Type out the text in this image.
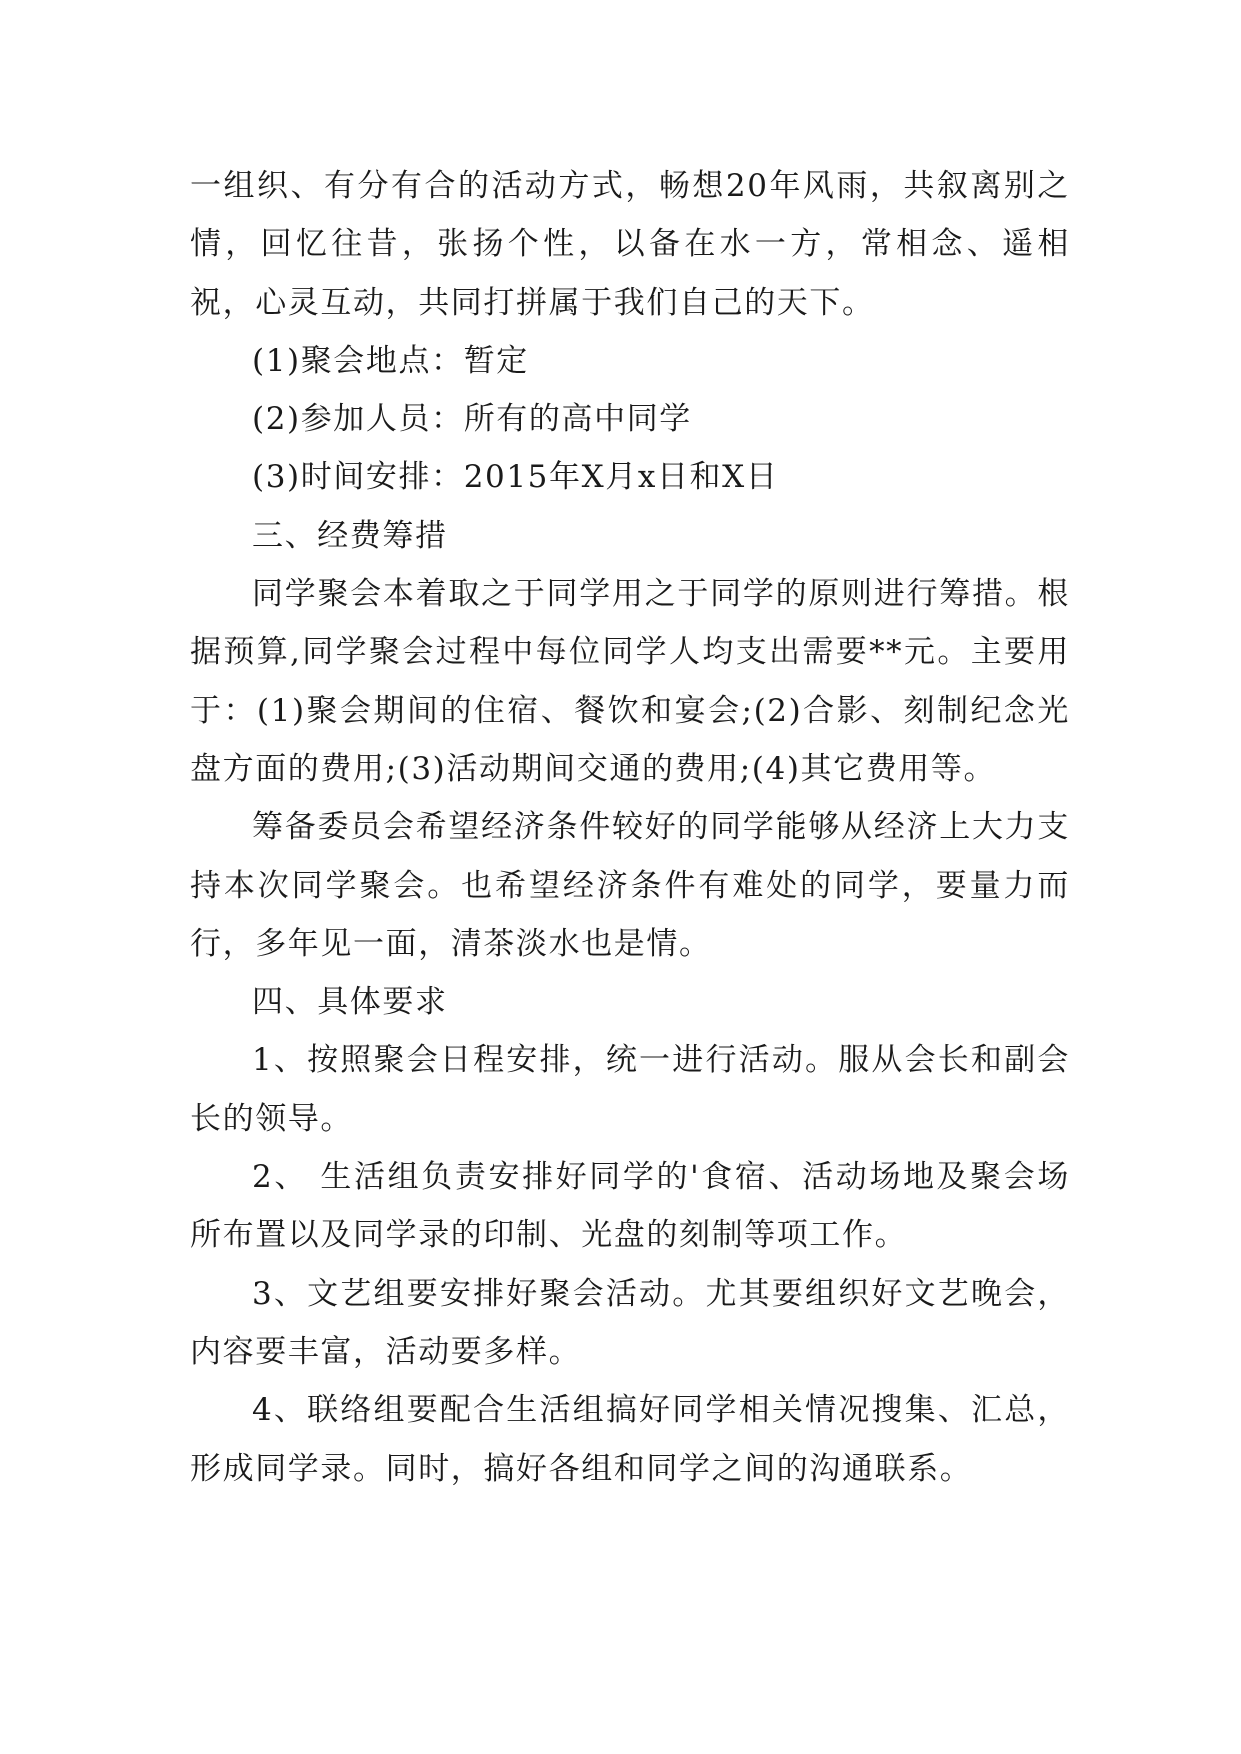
一组织、有分有合的活动方式，畅想20年风雨，共叙离别之情，回忆往昔，张扬个性，以备在水一方，常相念、遥相祝，心灵互动，共同打拼属于我们自己的天下。

(1)聚会地点：暂定

(2)参加人员：所有的高中同学

(3)时间安排：2015年X月x日和X日

三、经费筹措

同学聚会本着取之于同学用之于同学的原则进行筹措。根据预算,同学聚会过程中每位同学人均支出需要**元。主要用于：(1)聚会期间的住宿、餐饮和宴会;(2)合影、刻制纪念光盘方面的费用;(3)活动期间交通的费用;(4)其它费用等。

筹备委员会希望经济条件较好的同学能够从经济上大力支持本次同学聚会。也希望经济条件有难处的同学，要量力而行，多年见一面，清茶淡水也是情。

四、具体要求

1、按照聚会日程安排，统一进行活动。服从会长和副会长的领导。

2、 生活组负责安排好同学的'食宿、活动场地及聚会场所布置以及同学录的印制、光盘的刻制等项工作。

3、文艺组要安排好聚会活动。尤其要组织好文艺晚会，内容要丰富，活动要多样。

4、联络组要配合生活组搞好同学相关情况搜集、汇总，形成同学录。同时，搞好各组和同学之间的沟通联系。
